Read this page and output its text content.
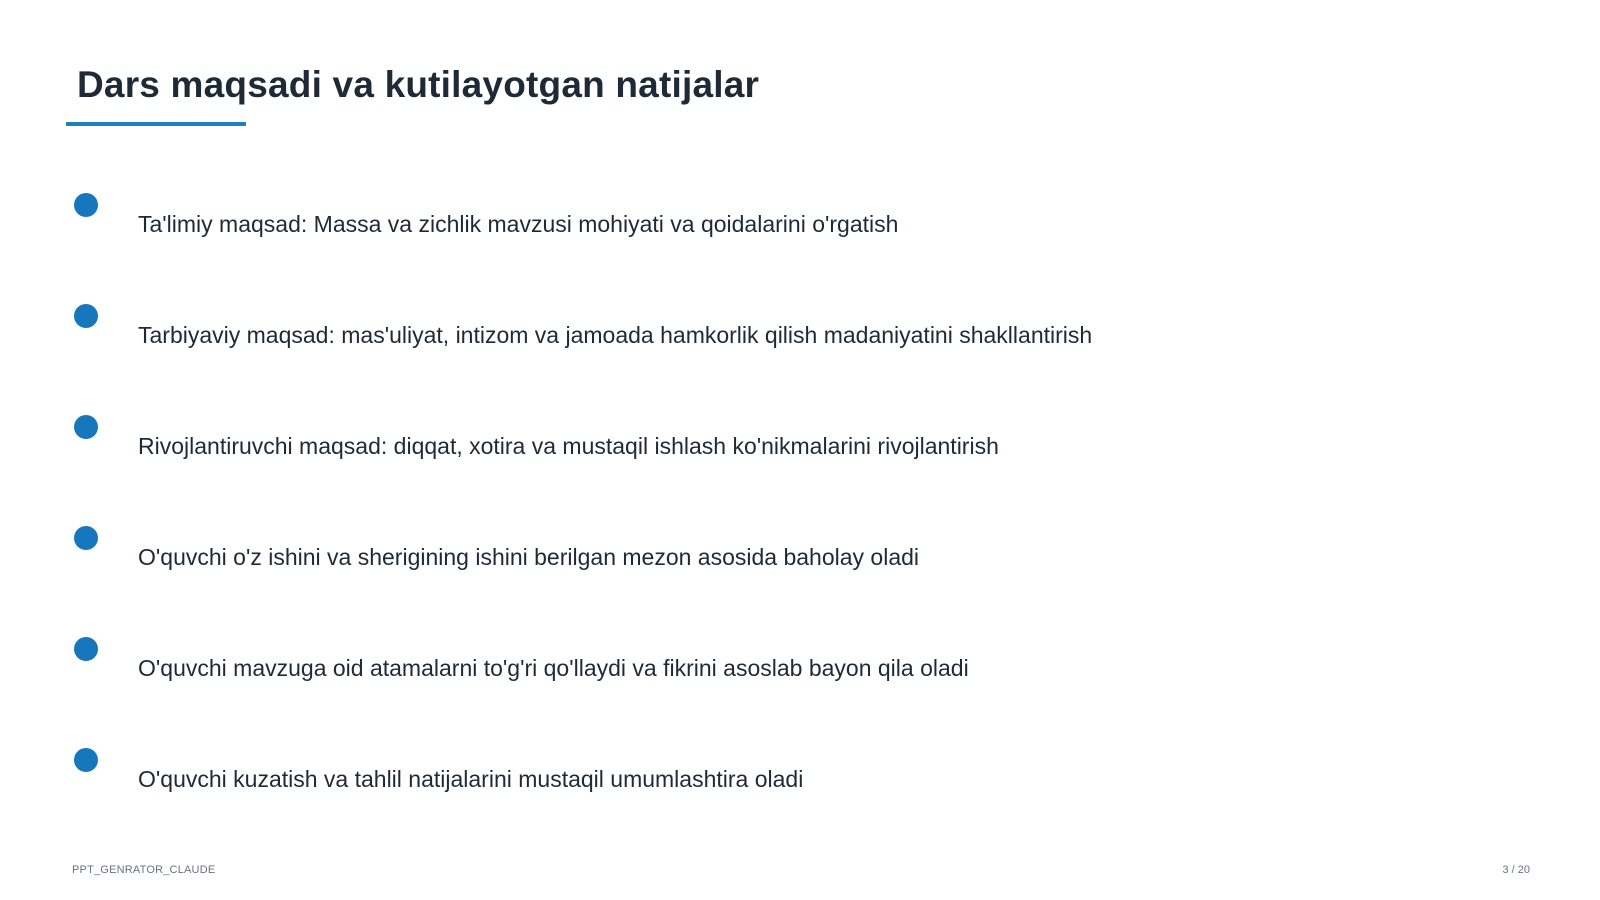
Dars maqsadi va kutilayotgan natijalar
Ta'limiy maqsad: Massa va zichlik mavzusi mohiyati va qoidalarini o'rgatish
Tarbiyaviy maqsad: mas'uliyat, intizom va jamoada hamkorlik qilish madaniyatini shakllantirish
Rivojlantiruvchi maqsad: diqqat, xotira va mustaqil ishlash ko'nikmalarini rivojlantirish
O'quvchi o'z ishini va sherigining ishini berilgan mezon asosida baholay oladi
O'quvchi mavzuga oid atamalarni to'g'ri qo'llaydi va fikrini asoslab bayon qila oladi
O'quvchi kuzatish va tahlil natijalarini mustaqil umumlashtira oladi
PPT_GENRATOR_CLAUDE	3 / 20
